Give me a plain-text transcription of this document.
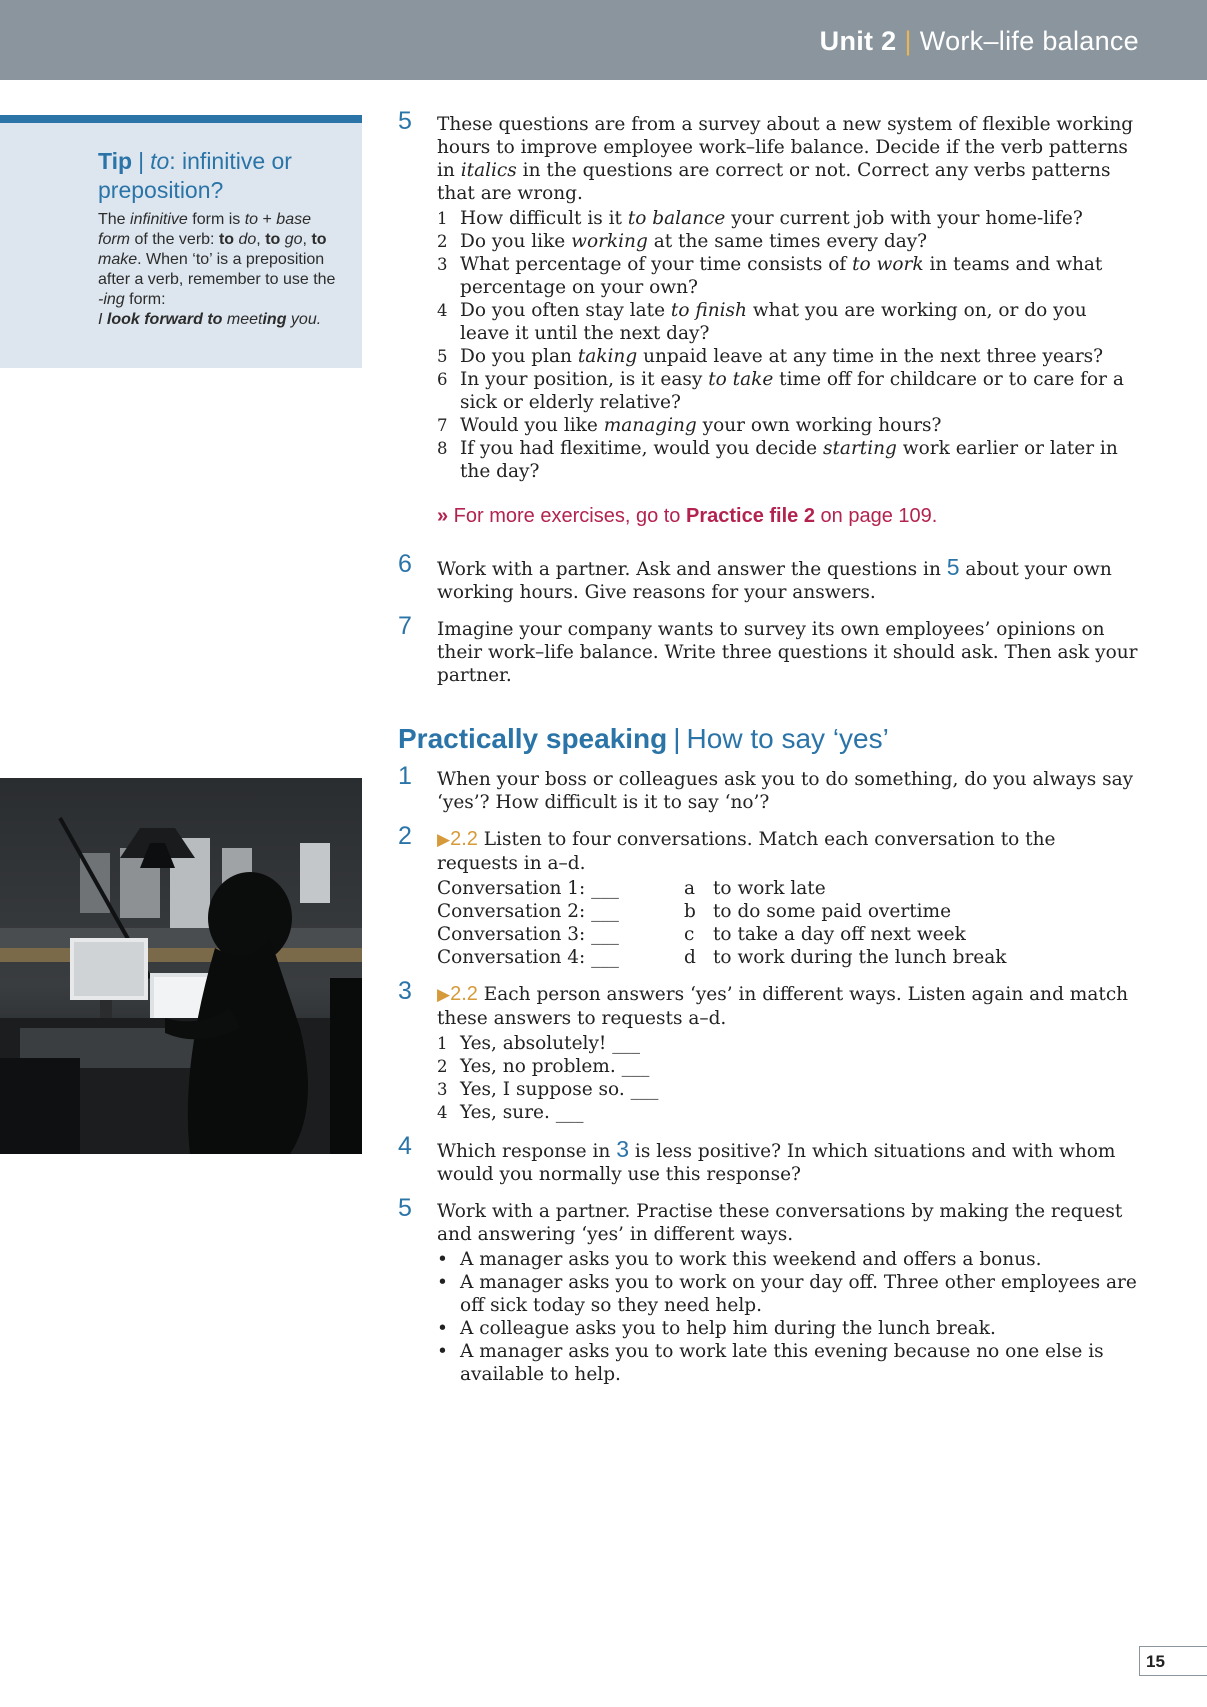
Unit 2 | Work–life balance
Tip | to: infinitive or preposition?

The infinitive form is to + base form of the verb: to do, to go, to make. When ‘to’ is a preposition after a verb, remember to use the -ing form:

I look forward to meeting you.

5 These questions are from a survey about a new system of flexible working hours to improve employee work–life balance. Decide if the verb patterns in italics in the questions are correct or not. Correct any verbs patterns that are wrong.
1 How difficult is it to balance your current job with your home-life?
2 Do you like working at the same times every day?
3 What percentage of your time consists of to work in teams and what percentage on your own?
4 Do you often stay late to finish what you are working on, or do you leave it until the next day?
5 Do you plan taking unpaid leave at any time in the next three years?
6 In your position, is it easy to take time off for childcare or to care for a sick or elderly relative?
7 Would you like managing your own working hours?
8 If you had flexitime, would you decide starting work earlier or later in the day?
» For more exercises, go to Practice file 2 on page 109.
6 Work with a partner. Ask and answer the questions in 5 about your own working hours. Give reasons for your answers.
7 Imagine your company wants to survey its own employees’ opinions on their work–life balance. Write three questions it should ask. Then ask your partner.
Practically speaking | How to say ‘yes’
1 When your boss or colleagues ask you to do something, do you always say ‘yes’? How difficult is it to say ‘no’?
2 ▶2.2 Listen to four conversations. Match each conversation to the requests in a–d.
Conversation 1: ___	a to work late
Conversation 2: ___	b to do some paid overtime
Conversation 3: ___	c to take a day off next week
Conversation 4: ___	d to work during the lunch break
3 ▶2.2 Each person answers ‘yes’ in different ways. Listen again and match these answers to requests a–d.
1 Yes, absolutely! ___
2 Yes, no problem. ___
3 Yes, I suppose so. ___
4 Yes, sure. ___
4 Which response in 3 is less positive? In which situations and with whom would you normally use this response?
5 Work with a partner. Practise these conversations by making the request and answering ‘yes’ in different ways.
• A manager asks you to work this weekend and offers a bonus.
• A manager asks you to work on your day off. Three other employees are off sick today so they need help.
• A colleague asks you to help him during the lunch break.
• A manager asks you to work late this evening because no one else is available to help.
15
